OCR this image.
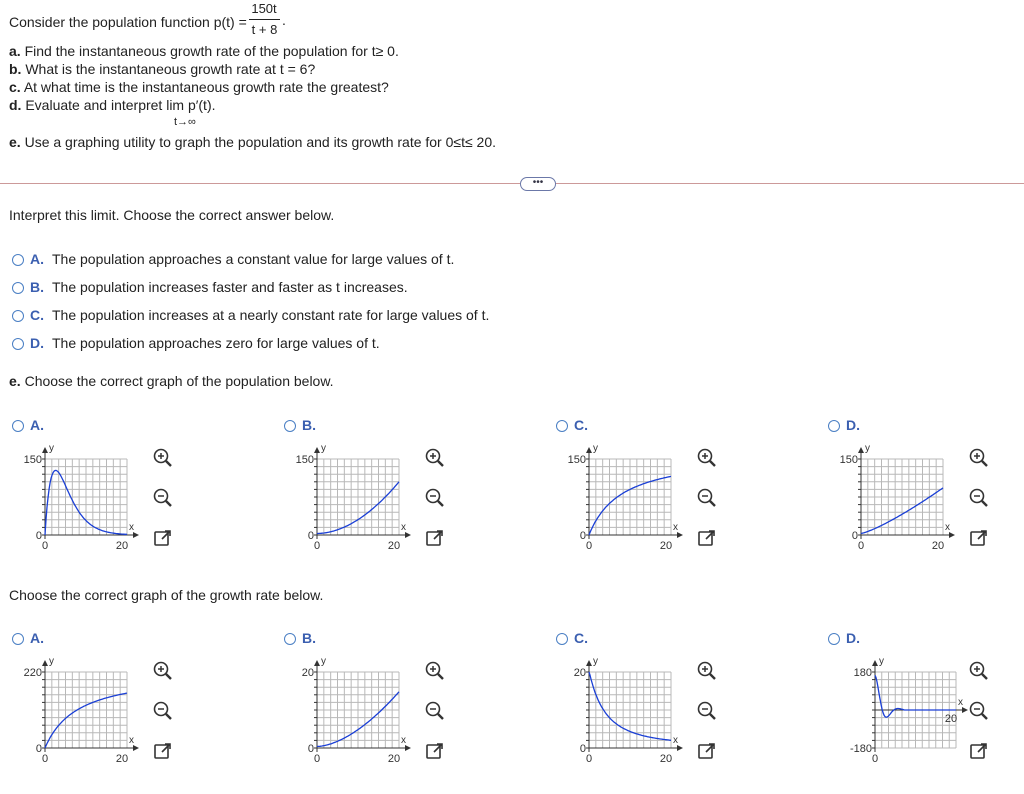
Consider the population function p(t) =
150t
t + 8
.
a. Find the instantaneous growth rate of the population for t≥ 0.
b. What is the instantaneous growth rate at t = 6?
c. At what time is the instantaneous growth rate the greatest?
d. Evaluate and interpret lim p′(t).
t→∞
e. Use a graphing utility to graph the population and its growth rate for 0≤t≤ 20.
•••
Interpret this limit. Choose the correct answer below.
A. The population approaches a constant value for large values of t.
B. The population increases faster and faster as t increases.
C. The population increases at a nearly constant rate for large values of t.
D. The population approaches zero for large values of t.
e. Choose the correct graph of the population below.
A.
150
0
y
x
0	20
B.
150
0
y
x
0	20
C.
150
0
y
x
0	20
D.
150
0
y
x
0	20
Choose the correct graph of the growth rate below.
A.
220
0
y
x
0	20
B.
20
0
y
x
0	20
C.
20
0
y
x
0	20
D.
180
-180
y
x
0
20
